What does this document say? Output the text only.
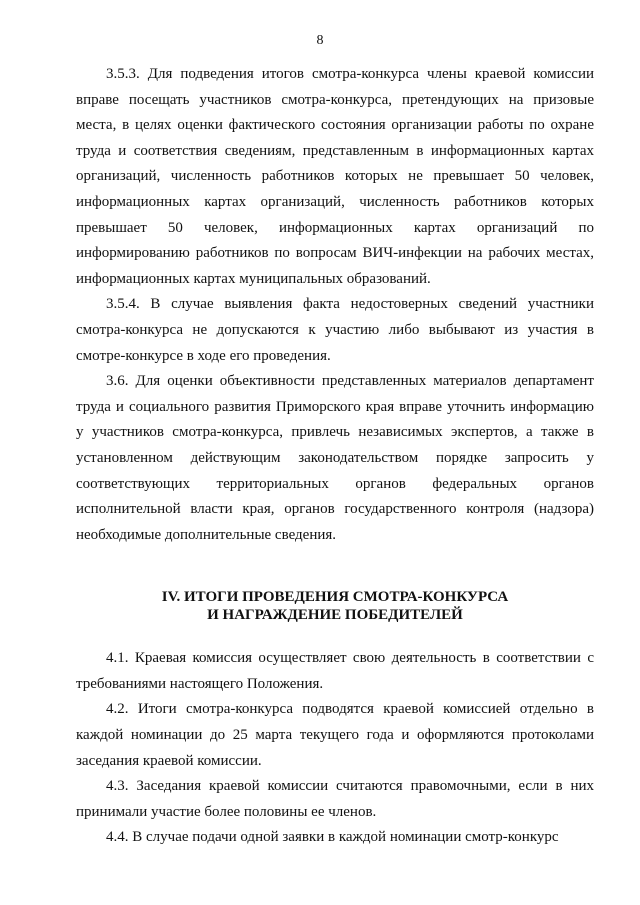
8

3.5.3. Для подведения итогов смотра-конкурса члены краевой комиссии вправе посещать участников смотра-конкурса, претендующих на призовые места, в целях оценки фактического состояния организации работы по охране труда и соответствия сведениям, представленным в информационных картах организаций, численность работников которых не превышает 50 человек, информационных картах организаций, численность работников которых превышает 50 человек, информационных картах организаций по информированию работников по вопросам ВИЧ-инфекции на рабочих местах, информационных картах муниципальных образований.

3.5.4. В случае выявления факта недостоверных сведений участники смотра-конкурса не допускаются к участию либо выбывают из участия в смотре-конкурсе в ходе его проведения.

3.6. Для оценки объективности представленных материалов департамент труда и социального развития Приморского края вправе уточнить информацию у участников смотра-конкурса, привлечь независимых экспертов, а также в установленном действующим законодательством порядке запросить у соответствующих территориальных органов федеральных органов исполнительной власти края, органов государственного контроля (надзора) необходимые дополнительные сведения.

IV. ИТОГИ ПРОВЕДЕНИЯ СМОТРА-КОНКУРСА

И НАГРАЖДЕНИЕ ПОБЕДИТЕЛЕЙ

4.1. Краевая комиссия осуществляет свою деятельность в соответствии с требованиями настоящего Положения.

4.2. Итоги смотра-конкурса подводятся краевой комиссией отдельно в каждой номинации до 25 марта текущего года и оформляются протоколами заседания краевой комиссии.

4.3. Заседания краевой комиссии считаются правомочными, если в них принимали участие более половины ее членов.

4.4. В случае подачи одной заявки в каждой номинации смотр-конкурс
